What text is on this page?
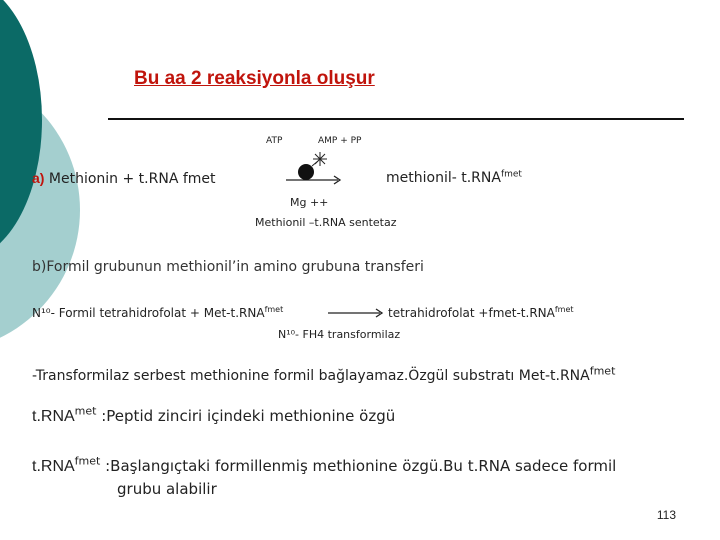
Bu aa 2 reaksiyonla oluşur
ATP	AMP + PP
a) Methionin + t.RNA fmet	methionil- $t.RNA^{fmet}$
Mg ++
Methionil –t.RNA sentetaz
b)Formil grubunun methionil’in amino grubuna transferi
N¹⁰- Formil tetrahidrofolat + Met-$t.RNA^{fmet}$	tetrahidrofolat $+fmet-t.RNA^{fmet}$
N¹⁰- FH4 transformilaz
-Transformilaz serbest methionine formil bağlayamaz.Özgül substratı Met-$t.RNA^{fmet}$
$t.RNA^{met}$ :Peptid zinciri içindeki methionine özgü
$t.RNA^{fmet}$ :Başlangıçtaki formillenmiş methionine özgü.Bu t.RNA sadece formil
grubu alabilir
113
